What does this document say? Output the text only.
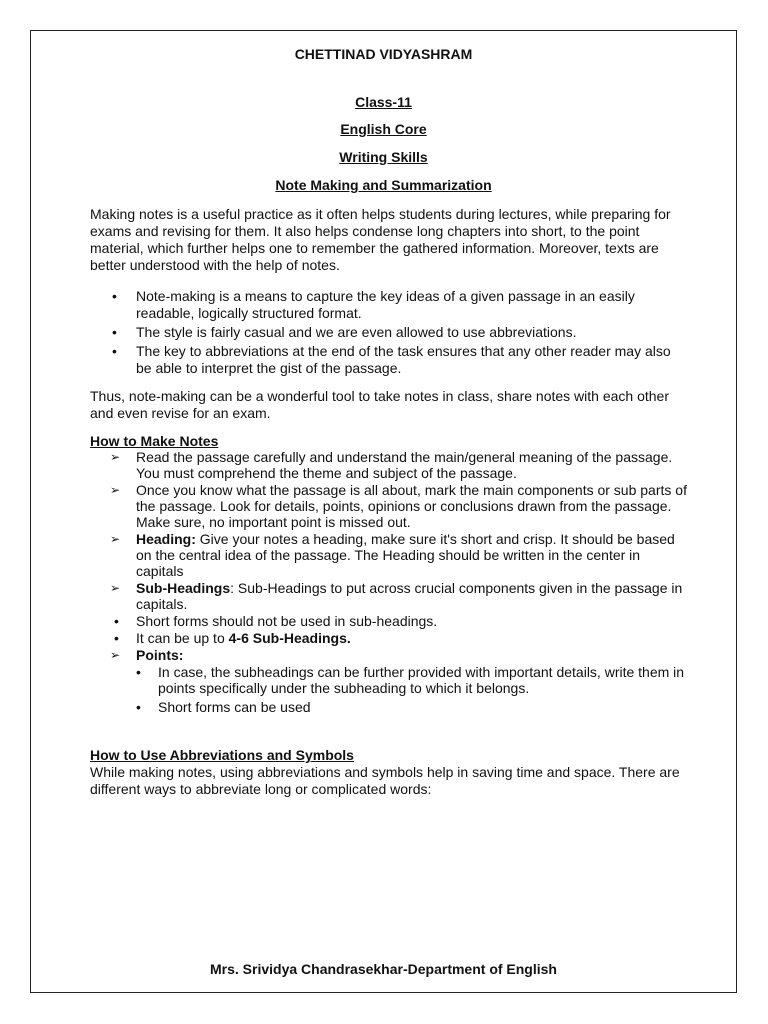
CHETTINAD VIDYASHRAM
Class-11
English Core
Writing Skills
Note Making and Summarization
Making notes is a useful practice as it often helps students during lectures, while preparing for exams and revising for them. It also helps condense long chapters into short, to the point material, which further helps one to remember the gathered information. Moreover, texts are better understood with the help of notes.
• Note-making is a means to capture the key ideas of a given passage in an easily readable, logically structured format.
• The style is fairly casual and we are even allowed to use abbreviations.
• The key to abbreviations at the end of the task ensures that any other reader may also be able to interpret the gist of the passage.
Thus, note-making can be a wonderful tool to take notes in class, share notes with each other and even revise for an exam.
How to Make Notes
➢ Read the passage carefully and understand the main/general meaning of the passage. You must comprehend the theme and subject of the passage.
➢ Once you know what the passage is all about, mark the main components or sub parts of the passage. Look for details, points, opinions or conclusions drawn from the passage. Make sure, no important point is missed out.
➢ Heading: Give your notes a heading, make sure it's short and crisp. It should be based on the central idea of the passage. The Heading should be written in the center in capitals
➢ Sub-Headings: Sub-Headings to put across crucial components given in the passage in capitals.
• Short forms should not be used in sub-headings.
• It can be up to 4-6 Sub-Headings.
➢ Points:
• In case, the subheadings can be further provided with important details, write them in points specifically under the subheading to which it belongs.
• Short forms can be used
How to Use Abbreviations and Symbols
While making notes, using abbreviations and symbols help in saving time and space. There are different ways to abbreviate long or complicated words:
Mrs. Srividya Chandrasekhar-Department of English
